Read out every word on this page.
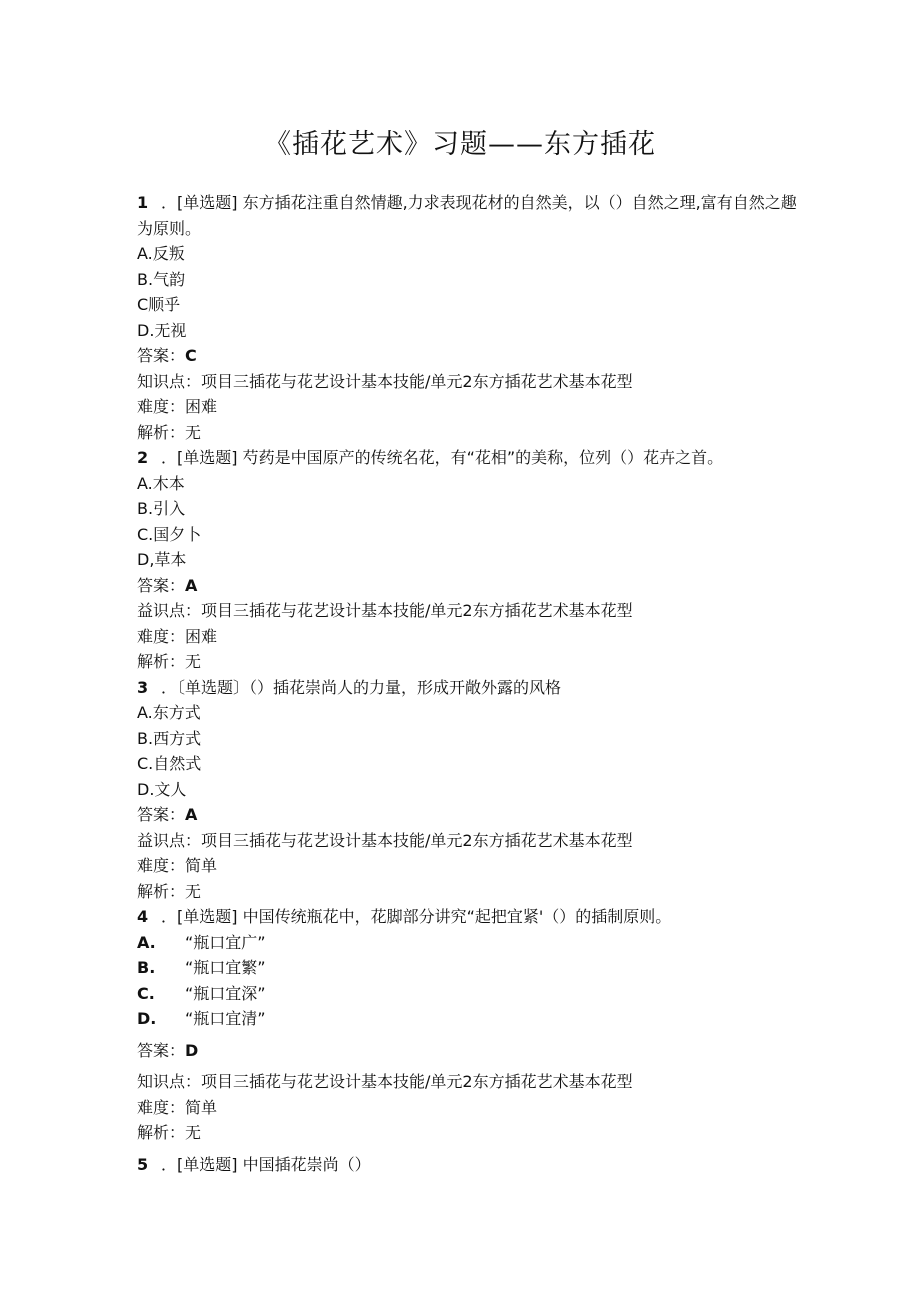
《插花艺术》习题——东方插花
1 ．[单选题] 东方插花注重自然情趣,力求表现花材的自然美，以（）自然之理,富有自然之趣为原则。
A.反叛
B.气韵
C顺乎
D.无视
答案：C
知识点：项目三插花与花艺设计基本技能/单元2东方插花艺术基本花型
难度：困难
解析：无
2 ．[单选题] 芍药是中国原产的传统名花，有“花相”的美称，位列（）花卉之首。
A.木本
B.引入
C.国夕卜
D,草本
答案：A
益识点：项目三插花与花艺设计基本技能/单元2东方插花艺术基本花型
难度：困难
解析：无
3 ．〔单选题〕（）插花崇尚人的力量，形成开敞外露的风格
A.东方式
B.西方式
C.自然式
D.文人
答案：A
益识点：项目三插花与花艺设计基本技能/单元2东方插花艺术基本花型
难度：简单
解析：无
4 ．[单选题] 中国传统瓶花中，花脚部分讲究“起把宜紧'（）的插制原则。
A. “瓶口宜广”
B. “瓶口宜繁”
C. “瓶口宜深”
D. “瓶口宜清”
答案：D
知识点：项目三插花与花艺设计基本技能/单元2东方插花艺术基本花型
难度：简单
解析：无
5 ．[单选题] 中国插花崇尚（）
